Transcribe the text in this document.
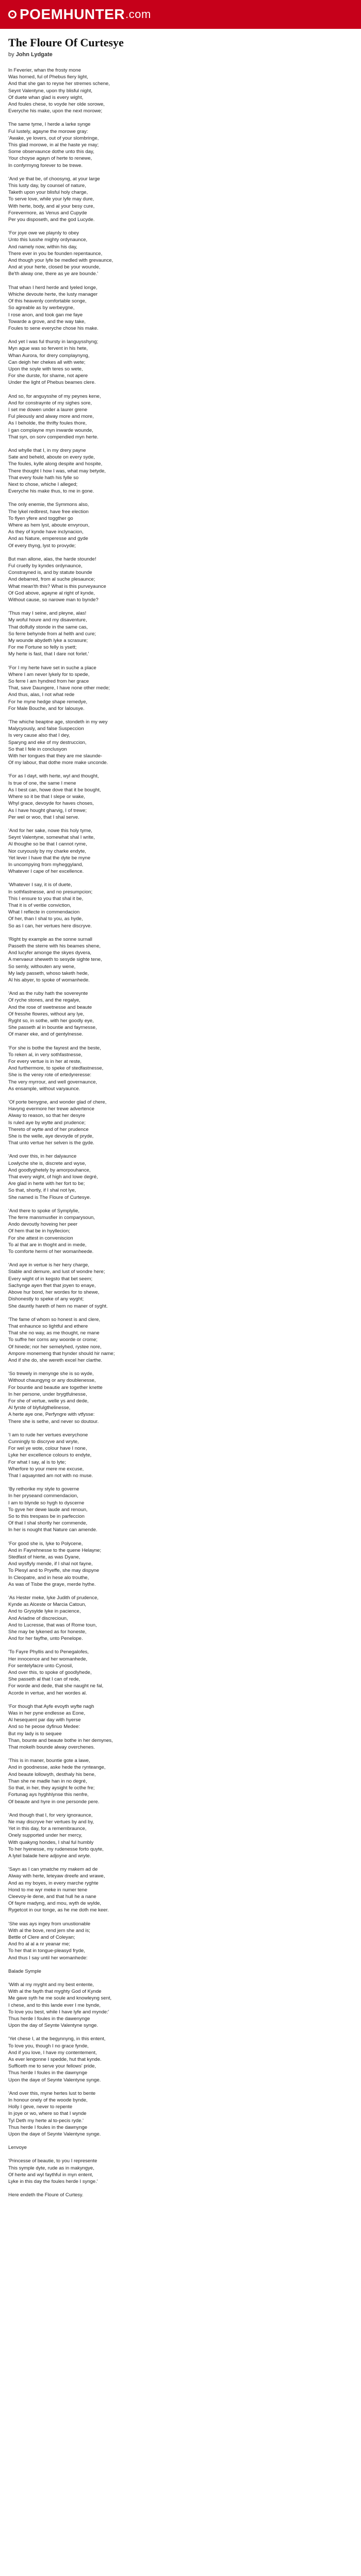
POEM HUNTER .com
The Floure Of Curtesye
by John Lydgate
In Feverier, whan the frosty mone
Was horned, ful of Phebus fiery light,
And that she gan to reyse her stremes schene,
Seynt Valentyne, upon thy blisful night,
Of duete whan glad is every wight,
And foules chese, to voyde her olde sorowe,
Everyche his make, upon the next morowe;
The same tyme, I herde a larke synge
Ful lustely, agayne the morowe gray:
'Awake, ye lovers, out of your slombringe,
This glad morowe, in al the haste ye may;
Some observaunce dothe unto this day,
Your choyse agayn of herte to renewe,
In confyrmyng forever to be trewe.
'And ye that be, of choosyng, at your large
This lusty day, by counsel of nature,
Taketh upon your blisful holy charge,
To serve love, while your lyfe may dure,
With herte, body, and al your besy cure,
Forevermore, as Venus and Cupyde
Per you disposeth, and the god Lucyde.
'For joye owe we playnly to obey
Unto this lusshe mighty ordynaunce,
And namely now, within his day,
There ever in you be founden repentaunce,
And though your lyfe be medled with grevaunce,
And at your herte, closed be your wounde,
Be'th alway one, there as ye are bounde.'
That whan I herd herde and lyeled longe,
Whiche devoute herte, the lusty manager
Of this heavenly comfortable songe,
So agreable as by werbeygne,
I rose anon, and took gan me faye
Towarde a grove, and the way take,
Foules to sene everyche chose his make.
And yet I was ful thursty in languysshyng;
Myn ague was so fervent in his hete,
Whan Aurora, for drery complaynyng,
Can deigh her chekes all with wete;
Upon the soyle with teres so wete,
For she durste, for shame, not apere
Under the light of Phebus beames clere.
And so, for anguysshe of my peynes kene,
And for constraynte of my sighes sore,
I set me dowen under a laurer grene
Ful pleously and alway more and more,
As I beholde, the thrifty foules thore,
I gan complayne myn inwarde wounde,
That syn, on sorv compendied myn herte.
And whylle that I, in my drery payne
Sate and beheld, aboute on every syde,
The foules, kylle along despite and hospite,
There thought I how I was, what may betyde,
That every foule hath his fylle so
Next to chose, whiche I alleged;
Everyche his make thus, to me in gone.
The only enemie, the Symmons also,
The lykel redbrest, have free election
To flyen yfere and toggther go
Where as hem lyst, aboute envyroun,
As they of kynde have inclynacion,
And as Nature, emperesse and gyde
Of every thyng, lyst to provyde;
But man allone, alas, the harde stounde!
Ful cruelly by kyndes ordynaunce,
Constrayned is, and by statute bounde
And debarred, from al suche plesaunce;
What mean'th this? What is this purveyaunce
Of God above, agayne al right of kynde,
Without cause, so narowe man to bynde?
'Thus may I seine, and pleyne, alas!
My woful houre and my disaventure,
That dolfully stonde in the same cas,
So ferre behynde from al helth and cure;
My wounde abydeth lyke a scrasure;
For me Fortune so felly is ysett;
My herte is fast, that I dare not forlet.'
'For I my herte have set in suche a place
Where I am never lykely for to spede,
So ferre I am hyndred from her grace
That, save Daungere, I have none other mede;
And thus, alas, I not what rede
For he myne hedge shape remedye,
For Male Bouche, and for Ialousye.
'The whiche beaptne age, stondeth in my wey
Malycyously, and false Suspeccion
Is very cause also that I dey,
Sparyng and eke of my destruccion,
So that I fele in conclusyon
With her tongues that they are me slaunde-
Of my labour, that dothe more make unconde.
'For as I dayt, with herte, wyl and thought,
Is true of one, the same I mene
As I best can, howe dove that it be bought,
Where so it be that I slepe or wake,
Whyl grace, devoyde for haves choses,
As I have hought gharvig, I of trewe;
Per wel or woo, that I shal serve.
'And for her sake, nowe this holy tyme,
Seynt Valentyne, somewhat shal I write,
Al thoughe so be that I cannot ryme,
Nor curyously by my charke endyte,
Yet lever I have that the dyte be myne
In uncompying from myheggyland,
Whatever I cape of her excellence.
'Whatever I say, it is of duete,
In sothfastnesse, and no presumpcion;
This I ensure to you that shal it be,
That it is of veritie conviction,
What I reflecte in commendacion
Of her, than I shal to you, as hyde,
So as I can, her vertues here discryve.
'Right by example as the sonne surnall
Passeth the sterre with his beames shene,
And lucyfer amonge the skyes dyvera,
A mervaeur sheweth to sesyde sighte tene,
So semly, withouten any wene,
My lady passeth, whoso taketh hede,
Al his abyer, to spoke of womanhede.
'And as the ruby hath the sovereynte
Of ryche stones, and the regalye,
And the rose of swetnesse and beaute
Of fresshe flowres, without any lye,
Ryght so, in sothe, with her goodly eye,
She passeth al in bountie and fayrnesse,
Of maner eke, and of gentylnesse.
'For she is bothe the fayrest and the beste,
To reken al, in very sothfastnesse,
For every vertue is in her at reste,
And furthermore, to speke of stedfastnesse,
She is the verey rote of ertedyreresse:
The very myrrour, and well governaunce,
As ensample, without varyaunce.
'Of porte benygne, and wonder glad of chere,
Havyng evermore her trewe advertence
Alway to reason, so that her desyre
Is ruled aye by wytte and prudence;
Thereto of wytte and of her prudence
She is the welle, aye devoyde of pryde,
That unto vertue her selven is the gyde.
'And over this, in her dalyaunce
Lowlyche she is, discrete and wyse,
And goodlyghetely by amorpouhance,
That every wight, of high and lowe degré,
Are glad in herte with her fort to be;
So that, shortly, if I shal not lye,
She named is The Floure of Curtesye.
'And there to spoke of Symplylie,
The ferre mansmusfier in comparysoun,
Ando devoutly hoveing her peer
Of hem that be in hyyllecion;
For she attest in conveniscion
To al that are in thoght and in mede,
To comforte hermi of her womanheede.
'And aye in vertue is her hery charge,
Stable and demure, and lust of wondre here;
Every wight of in kegsto that bet seem;
Sachynge ayen fhet that joyen to enaye,
Above hur bond, her wordes for to shewe,
Dishonestly to speke of any wyght;
She dauntly hareth of hem no maner of syght.
'The fame of whom so honest is and clere,
That enhaunce so lightful and ethere
That she no way, as me thought, ne mane
To suffre her corns any woorde or crome;
Of hinede; nor her semelyhed, rystee nore,
Ampore monemeng that hynder should hir name;
And if she do, she wereth excel her clarthe.
'So trewely in menynge she is so wyde,
Without chaungyng or any doublenesse,
For bountie and beautie are together knette
In her persone, under brygtfulnesse,
For she of vertue, welle ys and dede,
Al fyrste of blyfulgthelinesse,
A herte aye one, Perfyngre with vtfysse:
There she is sethe, and never so doutour.
'I am to rude her vertues everychone
Cunningly to discryve and wryte,
For wel ye wote, colour have I none,
Lyke her excellence colours to endyte,
For what I say, al is to lyte;
Wherfore to your mere me excuse,
That I aquaynted am not with no muse.
'By rethorike my style to governe
In her pryseand commendacion,
I am to blynde so hygh to dyscerne
To gyve her dewe laude and renoun,
So to this trespass be in parfeccion
Of that I shal shortly her commende,
In her is nought that Nature can amende.
'For good she is, lyke to Polycene,
And in Fayrehnesse to the quene Helayne;
Stedfast of hierte, as was Dyane,
And wysflyly mende, if I shal not fayne,
To Plesyl and to Pryeffe, she may dispyne
In Cleopatre, and in hese alo trouthe,
As was of Tisbe the graye, merde hythe.
'As Hester meke, lyke Judith of prudence,
Kynde as Alceste or Marcia Catoun,
And to Grysylde lyke in pacience,
And Ariadne of discrecioun,
And to Lucresse, that was of Rome toun,
She may be lykened as for honeste,
And for her fayfhe, unto Penelope.
'To Fayre Phyllis and to Penegalofes,
Her innocence and her womanhede,
For sentelyfacre unto Cynosil,
And over this, to spoke of goodlyhede,
She passeth al that I can of rede,
For worde and dede, that she naught ne fal,
Acorde in vertue, and her wordes al.
'For though that Ayfe evoyth wyfte nagh
Was in her pyne endlesse as Eone,
Al hesequent par day with hyerse
And so he peose dyfinuo Medee:
But my lady is to sequee
Than, bounte and beaute bothe in her demynes,
That mokelh bounde alway overchenes.
'This is in maner, bountie gote a lawe,
And in goodnesse, aske hede the rynteange,
And beaute lollowyth, desthaly his bene,
Than she ne madle han in no degré,
So that, in her, they aysight fe octhe fre;
Fortunag ays hyghhlynse this nenfre,
Of beaute and hyre in one personde pere.
'And though that I, for very ignoraunce,
Ne may discryve her vertues by and by,
Yet in this day, for a remembraunce,
Onely supported under her mercy,
With quakyng hondes, I shal ful humbly
To her hyenesse, my rudenesse forto quyte,
A lytel balade here adjoyne and wryte.
'Sayn as I can ymatche my makem ad de
Alway with herte, leteyaw dreefe and wrawe,
And as my boyes, in every marche ryghte
Hond to me wyr meke in numer tene
Cleevoy-le dene, and that hull he a nane
Of fayre madyng, and mou, wyth de wylde,
Rygetcot in our tonge, as he me doth me keer.
'She was ays ingey from unustionable
With al the bove, rend jem she and is;
Bettle of Clere and of Coleyan;
And fro al al a nr yeanar me;
To her that in tongue-pleasyd fryde,
And thus I say until her womanhede:
Balade Symple
'With al my myght and my best entente,
With al the fayth that myghty God of Kynde
Me gave syth he me soule and knowleyng sent,
I chese, and to this lande ever I me bynde,
To love you best, while I have lyfe and mynde:'
Thus herde I foules in the dawenynge
Upon the day of Seynte Valentyne synge.
'Yet chese I, at the begynnyng, in this entent,
To love you, though I no grace fynde,
And if you love, I have my contentement,
As ever lengonne I spedde, hut that kynde.
Sufficeth me to serve your fellows' pride,
Thus herde I foules in the dawnynge
Upon the daye of Seynte Valentyne synge.
'And over this, myne hertes lust to bente
In honour onely of the woode bynde,
Holly I geve, never to repente
In joye or wo, where so that I wynde
Tyl Deth my herte al to-pecis ryde.'
Thus herde I foules in the dawnynge
Upon the daye of Seynte Valentyne synge.
Lenvoye
'Princesse of beautie, to you I represente
This symple dyte, rude as in makyngye,
Of herte and wyl faythful in myn entent,
Lyke in this day the foules herde I synge.'
Here endeth the Floure of Curtesy.
